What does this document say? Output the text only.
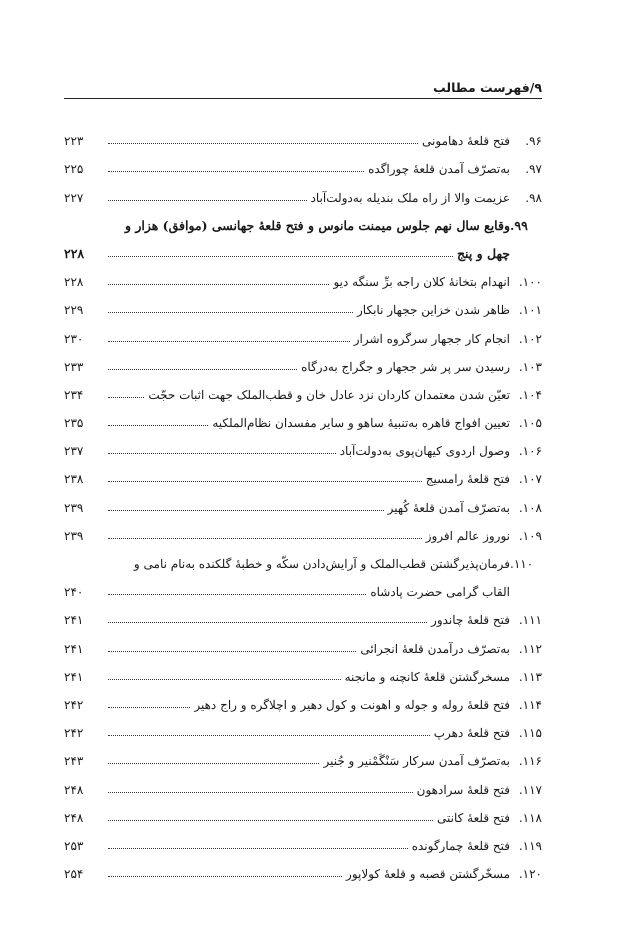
۹/فهرست مطالب
۹۶.
فتح قلعهٔ دهامونی
۲۲۳
۹۷.
به‌تصرّف آمدن قلعهٔ چوراگده
۲۲۵
۹۸.
عزیمت والا از راه ملک بندیله به‌دولت‌آباد
۲۲۷
۹۹.
وقایع سال نهم جلوس میمنت مانوس و فتح قلعهٔ جهانسی (موافق) هزار و
چهل و پنج
۲۲۸
۱۰۰.
انهدام بتخانهٔ کلان راجه برِّ سنگه دیو
۲۲۸
۱۰۱.
ظاهر شدن خزاین ججهار نابکار
۲۲۹
۱۰۲.
انجام کار ججهار سرگروه اشرار
۲۳۰
۱۰۳.
رسیدن سر پر شر ججهار و جگراج به‌درگاه
۲۳۳
۱۰۴.
تعیّن شدن معتمدان کاردان نزد عادل خان و قطب‌الملک جهت اثبات حجّت
۲۳۴
۱۰۵.
تعیین افواج قاهره به‌تنبیهٔ ساهو و سایر مفسدان نظام‌الملکیه
۲۳۵
۱۰۶.
وصول اردوی کیهان‌پوی به‌دولت‌آباد
۲۳۷
۱۰۷.
فتح قلعهٔ رامسیج
۲۳۸
۱۰۸.
به‌تصرّف آمدن قلعهٔ کُهیر
۲۳۹
۱۰۹.
نوروز عالم افروز
۲۳۹
۱۱۰.
فرمان‌پذیرگشتن قطب‌الملک و آرایش‌دادن سکّه و خطبهٔ گلکنده به‌نام نامی و
القاب گرامی حضرت پادشاه
۲۴۰
۱۱۱.
فتح قلعهٔ چاندور
۲۴۱
۱۱۲.
به‌تصرّف درآمدن قلعهٔ انجرائی
۲۴۱
۱۱۳.
مسخرگشتن قلعهٔ کانچنه و مانجنه
۲۴۱
۱۱۴.
فتح قلعهٔ روله و جوله و اهونت و کول دهیر و اچلاگره و راج دهیر
۲۴۲
۱۱۵.
فتح قلعهٔ دهرپ
۲۴۲
۱۱۶.
به‌تصرّف آمدن سرکار سَنْگَمْنیر و جُنیر
۲۴۳
۱۱۷.
فتح قلعهٔ سرادهون
۲۴۸
۱۱۸.
فتح قلعهٔ کانتی
۲۴۸
۱۱۹.
فتح قلعهٔ چمارگونده
۲۵۳
۱۲۰.
مسخّرگشتن قصبه و قلعهٔ کولاپور
۲۵۴
